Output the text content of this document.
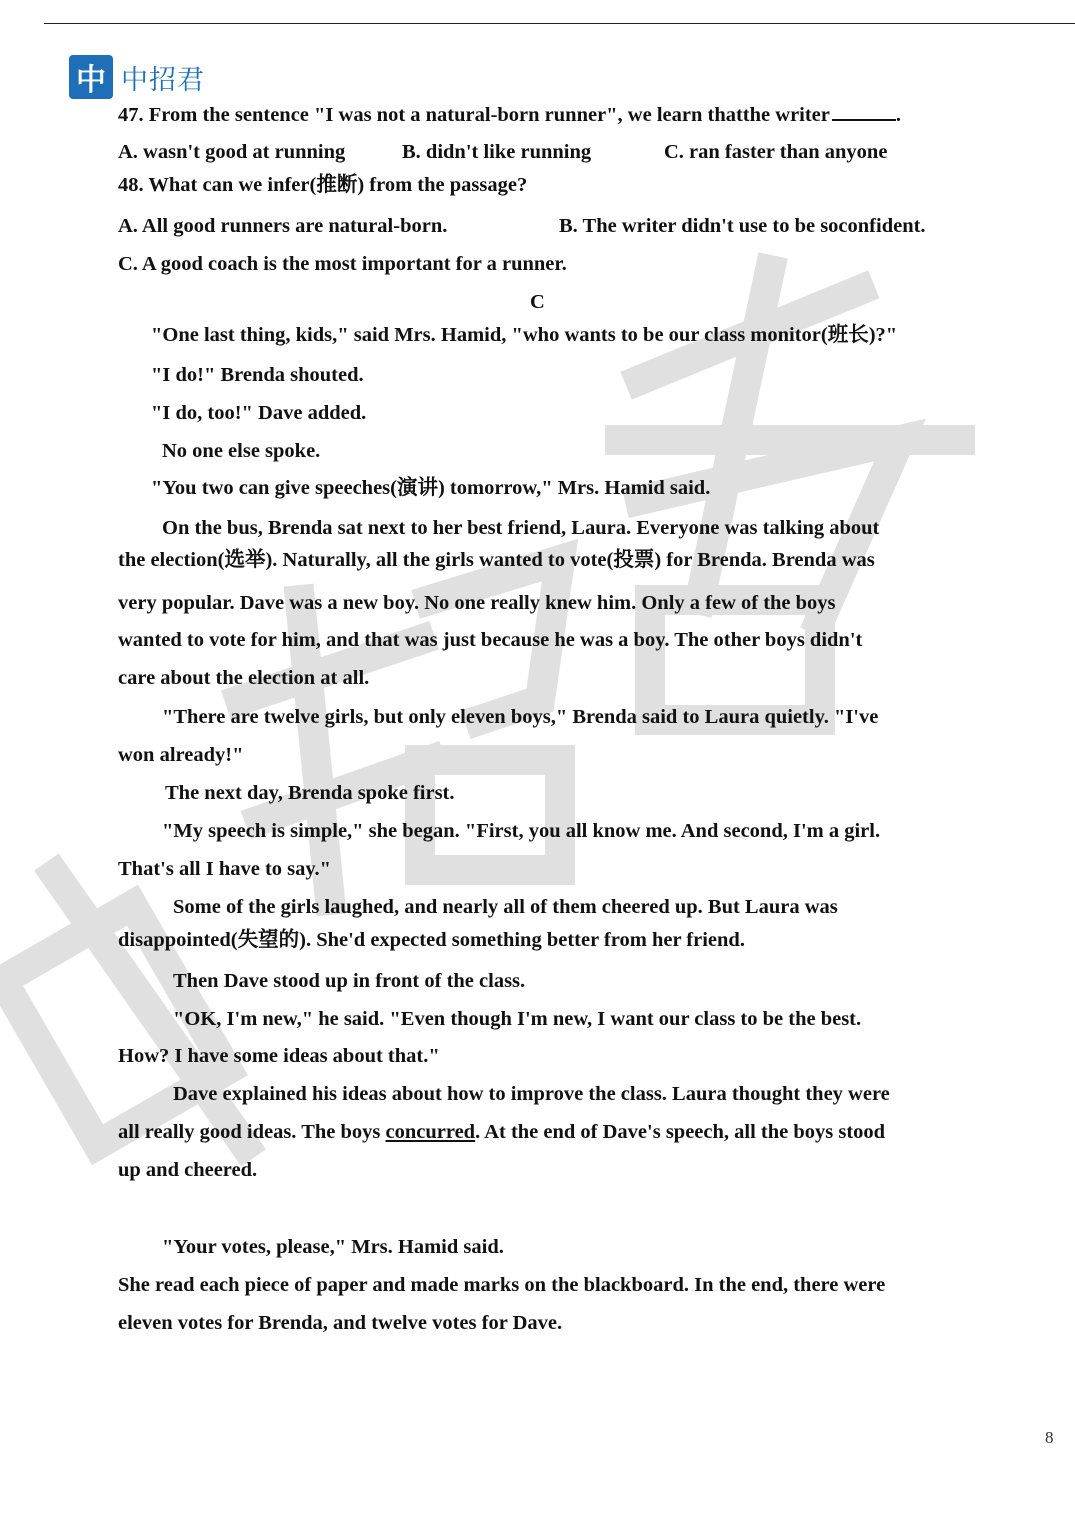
中 中招君
47. From the sentence "I was not a natural-born runner", we learn thatthe writer	.
A. wasn't good at running	B. didn't like running	C. ran faster than anyone
48. What can we infer(推断) from the passage?
A. All good runners are natural-born.	B. The writer didn't use to be soconfident.
C. A good coach is the most important for a runner.
C
"One last thing, kids," said Mrs. Hamid, "who wants to be our class monitor(班长)?"
"I do!" Brenda shouted.
"I do, too!" Dave added.
No one else spoke.
"You two can give speeches(演讲) tomorrow," Mrs. Hamid said.
On the bus, Brenda sat next to her best friend, Laura. Everyone was talking about
the election(选举). Naturally, all the girls wanted to vote(投票) for Brenda. Brenda was
very popular. Dave was a new boy. No one really knew him. Only a few of the boys
wanted to vote for him, and that was just because he was a boy. The other boys didn't
care about the election at all.
"There are twelve girls, but only eleven boys," Brenda said to Laura quietly. "I've
won already!"
The next day, Brenda spoke first.
"My speech is simple," she began. "First, you all know me. And second, I'm a girl.
That's all I have to say."
Some of the girls laughed, and nearly all of them cheered up. But Laura was
disappointed(失望的). She'd expected something better from her friend.
Then Dave stood up in front of the class.
"OK, I'm new," he said. "Even though I'm new, I want our class to be the best.
How? I have some ideas about that."
Dave explained his ideas about how to improve the class. Laura thought they were
all really good ideas. The boys concurred. At the end of Dave's speech, all the boys stood
up and cheered.
"Your votes, please," Mrs. Hamid said.
She read each piece of paper and made marks on the blackboard. In the end, there were
eleven votes for Brenda, and twelve votes for Dave.
8
